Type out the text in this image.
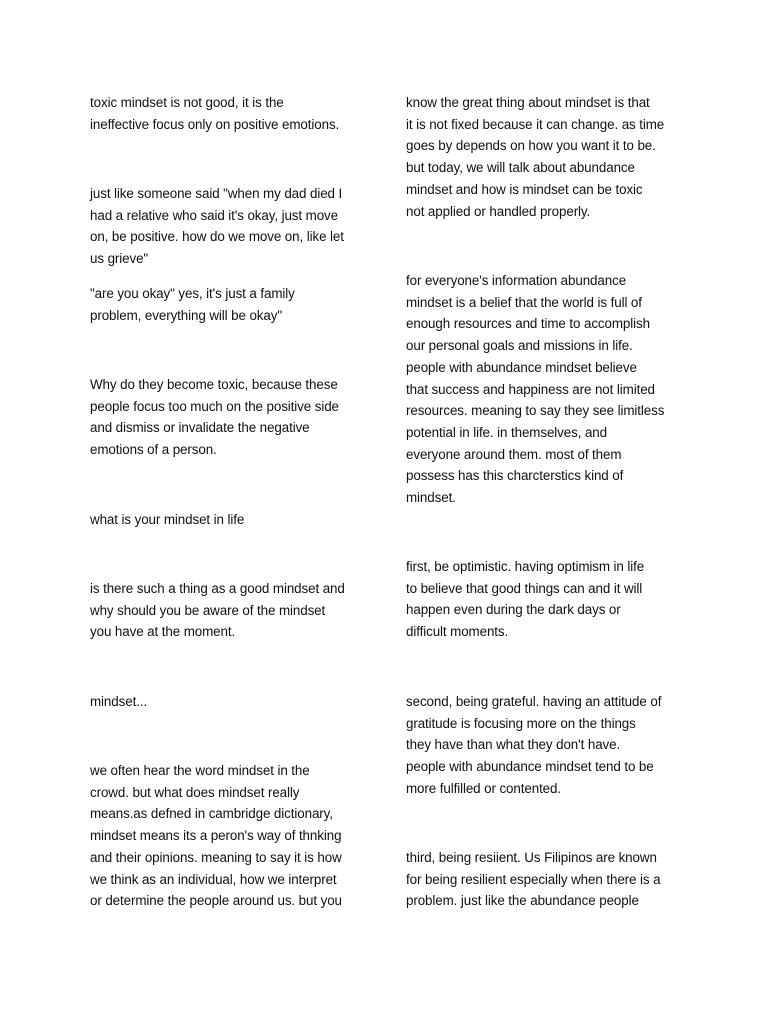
toxic mindset is not good, it is the
ineffective focus only on positive emotions.

just like someone said "when my dad died I
had a relative who said it's okay, just move
on, be positive. how do we move on, like let
us grieve"

"are you okay" yes, it's just a family
problem, everything will be okay"

Why do they become toxic, because these
people focus too much on the positive side
and dismiss or invalidate the negative
emotions of a person.

what is your mindset in life

is there such a thing as a good mindset and
why should you be aware of the mindset
you have at the moment.

mindset...

we often hear the word mindset in the
crowd. but what does mindset really
means.as defned in cambridge dictionary,
mindset means its a peron's way of thnking
and their opinions. meaning to say it is how
we think as an individual, how we interpret
or determine the people around us. but you

know the great thing about mindset is that
it is not fixed because it can change. as time
goes by depends on how you want it to be.
but today, we will talk about abundance
mindset and how is mindset can be toxic
not applied or handled properly.

for everyone's information abundance
mindset is a belief that the world is full of
enough resources and time to accomplish
our personal goals and missions in life.
people with abundance mindset believe
that success and happiness are not limited
resources. meaning to say they see limitless
potential in life. in themselves, and
everyone around them. most of them
possess has this charcterstics kind of
mindset.

first, be optimistic. having optimism in life
to believe that good things can and it will
happen even during the dark days or
difficult moments.

second, being grateful. having an attitude of
gratitude is focusing more on the things
they have than what they don't have.
people with abundance mindset tend to be
more fulfilled or contented.

third, being resiient. Us Filipinos are known
for being resilient especially when there is a
problem. just like the abundance people
